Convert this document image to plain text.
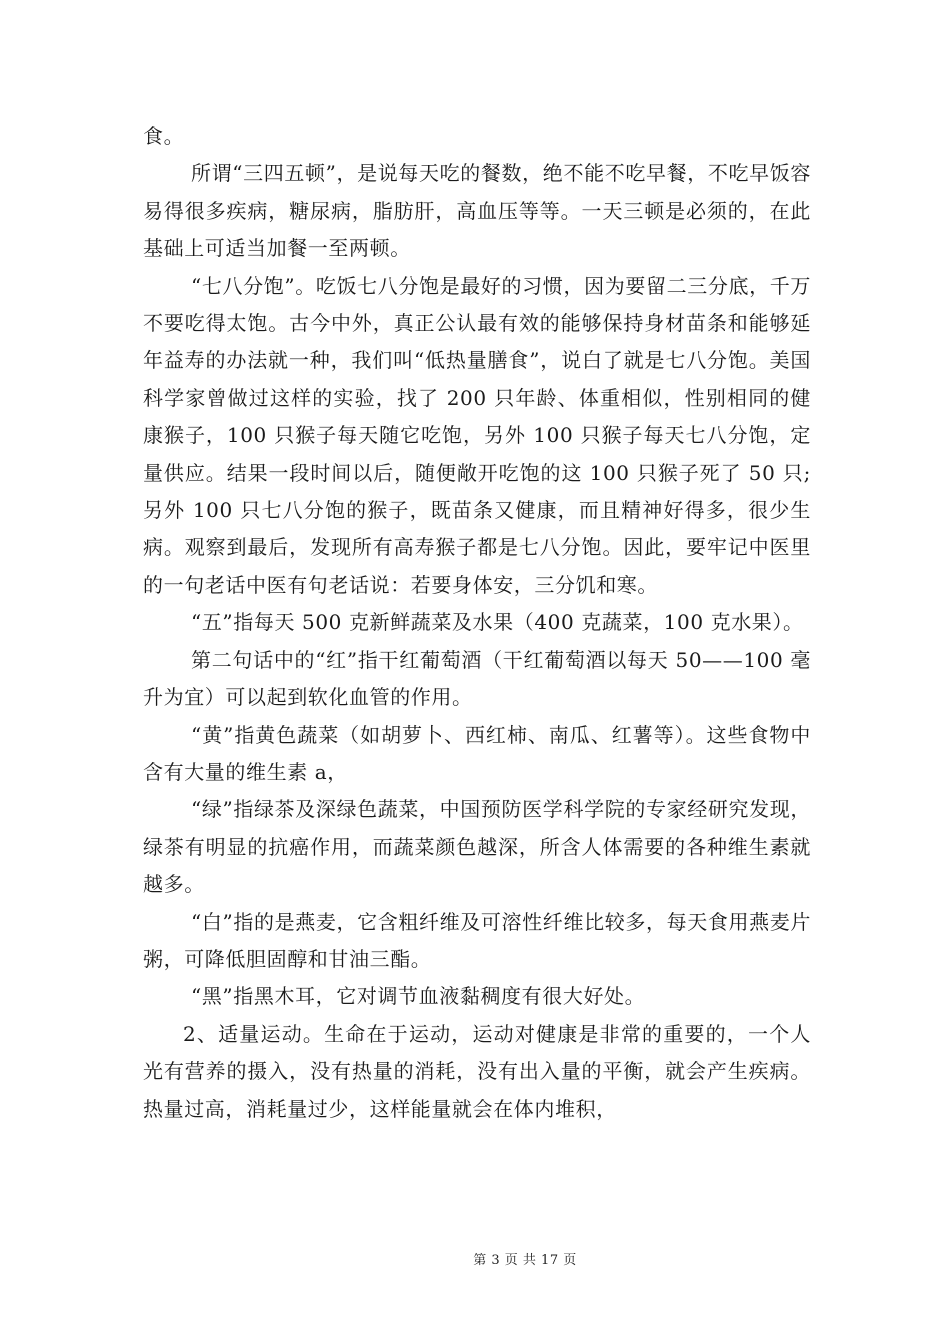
食。

所谓“三四五顿”，是说每天吃的餐数，绝不能不吃早餐，不吃早饭容易得很多疾病，糖尿病，脂肪肝，高血压等等。一天三顿是必须的，在此基础上可适当加餐一至两顿。

“七八分饱”。吃饭七八分饱是最好的习惯，因为要留二三分底，千万不要吃得太饱。古今中外，真正公认最有效的能够保持身材苗条和能够延年益寿的办法就一种，我们叫“低热量膳食”，说白了就是七八分饱。美国科学家曾做过这样的实验，找了 200 只年龄、体重相似，性别相同的健康猴子，100 只猴子每天随它吃饱，另外 100 只猴子每天七八分饱，定量供应。结果一段时间以后，随便敞开吃饱的这 100 只猴子死了 50 只;另外 100 只七八分饱的猴子，既苗条又健康，而且精神好得多，很少生病。观察到最后，发现所有高寿猴子都是七八分饱。因此，要牢记中医里的一句老话中医有句老话说：若要身体安，三分饥和寒。

“五”指每天 500 克新鲜蔬菜及水果（400 克蔬菜，100 克水果）。

第二句话中的“红”指干红葡萄酒（干红葡萄酒以每天 50——100 毫升为宜）可以起到软化血管的作用。

“黄”指黄色蔬菜（如胡萝卜、西红柿、南瓜、红薯等）。这些食物中含有大量的维生素 a，

“绿”指绿茶及深绿色蔬菜，中国预防医学科学院的专家经研究发现，绿茶有明显的抗癌作用，而蔬菜颜色越深，所含人体需要的各种维生素就越多。

“白”指的是燕麦，它含粗纤维及可溶性纤维比较多，每天食用燕麦片粥，可降低胆固醇和甘油三酯。

“黑”指黑木耳，它对调节血液黏稠度有很大好处。

2、适量运动。生命在于运动，运动对健康是非常的重要的，一个人光有营养的摄入，没有热量的消耗，没有出入量的平衡，就会产生疾病。热量过高，消耗量过少，这样能量就会在体内堆积，

第 3 页 共 17 页
